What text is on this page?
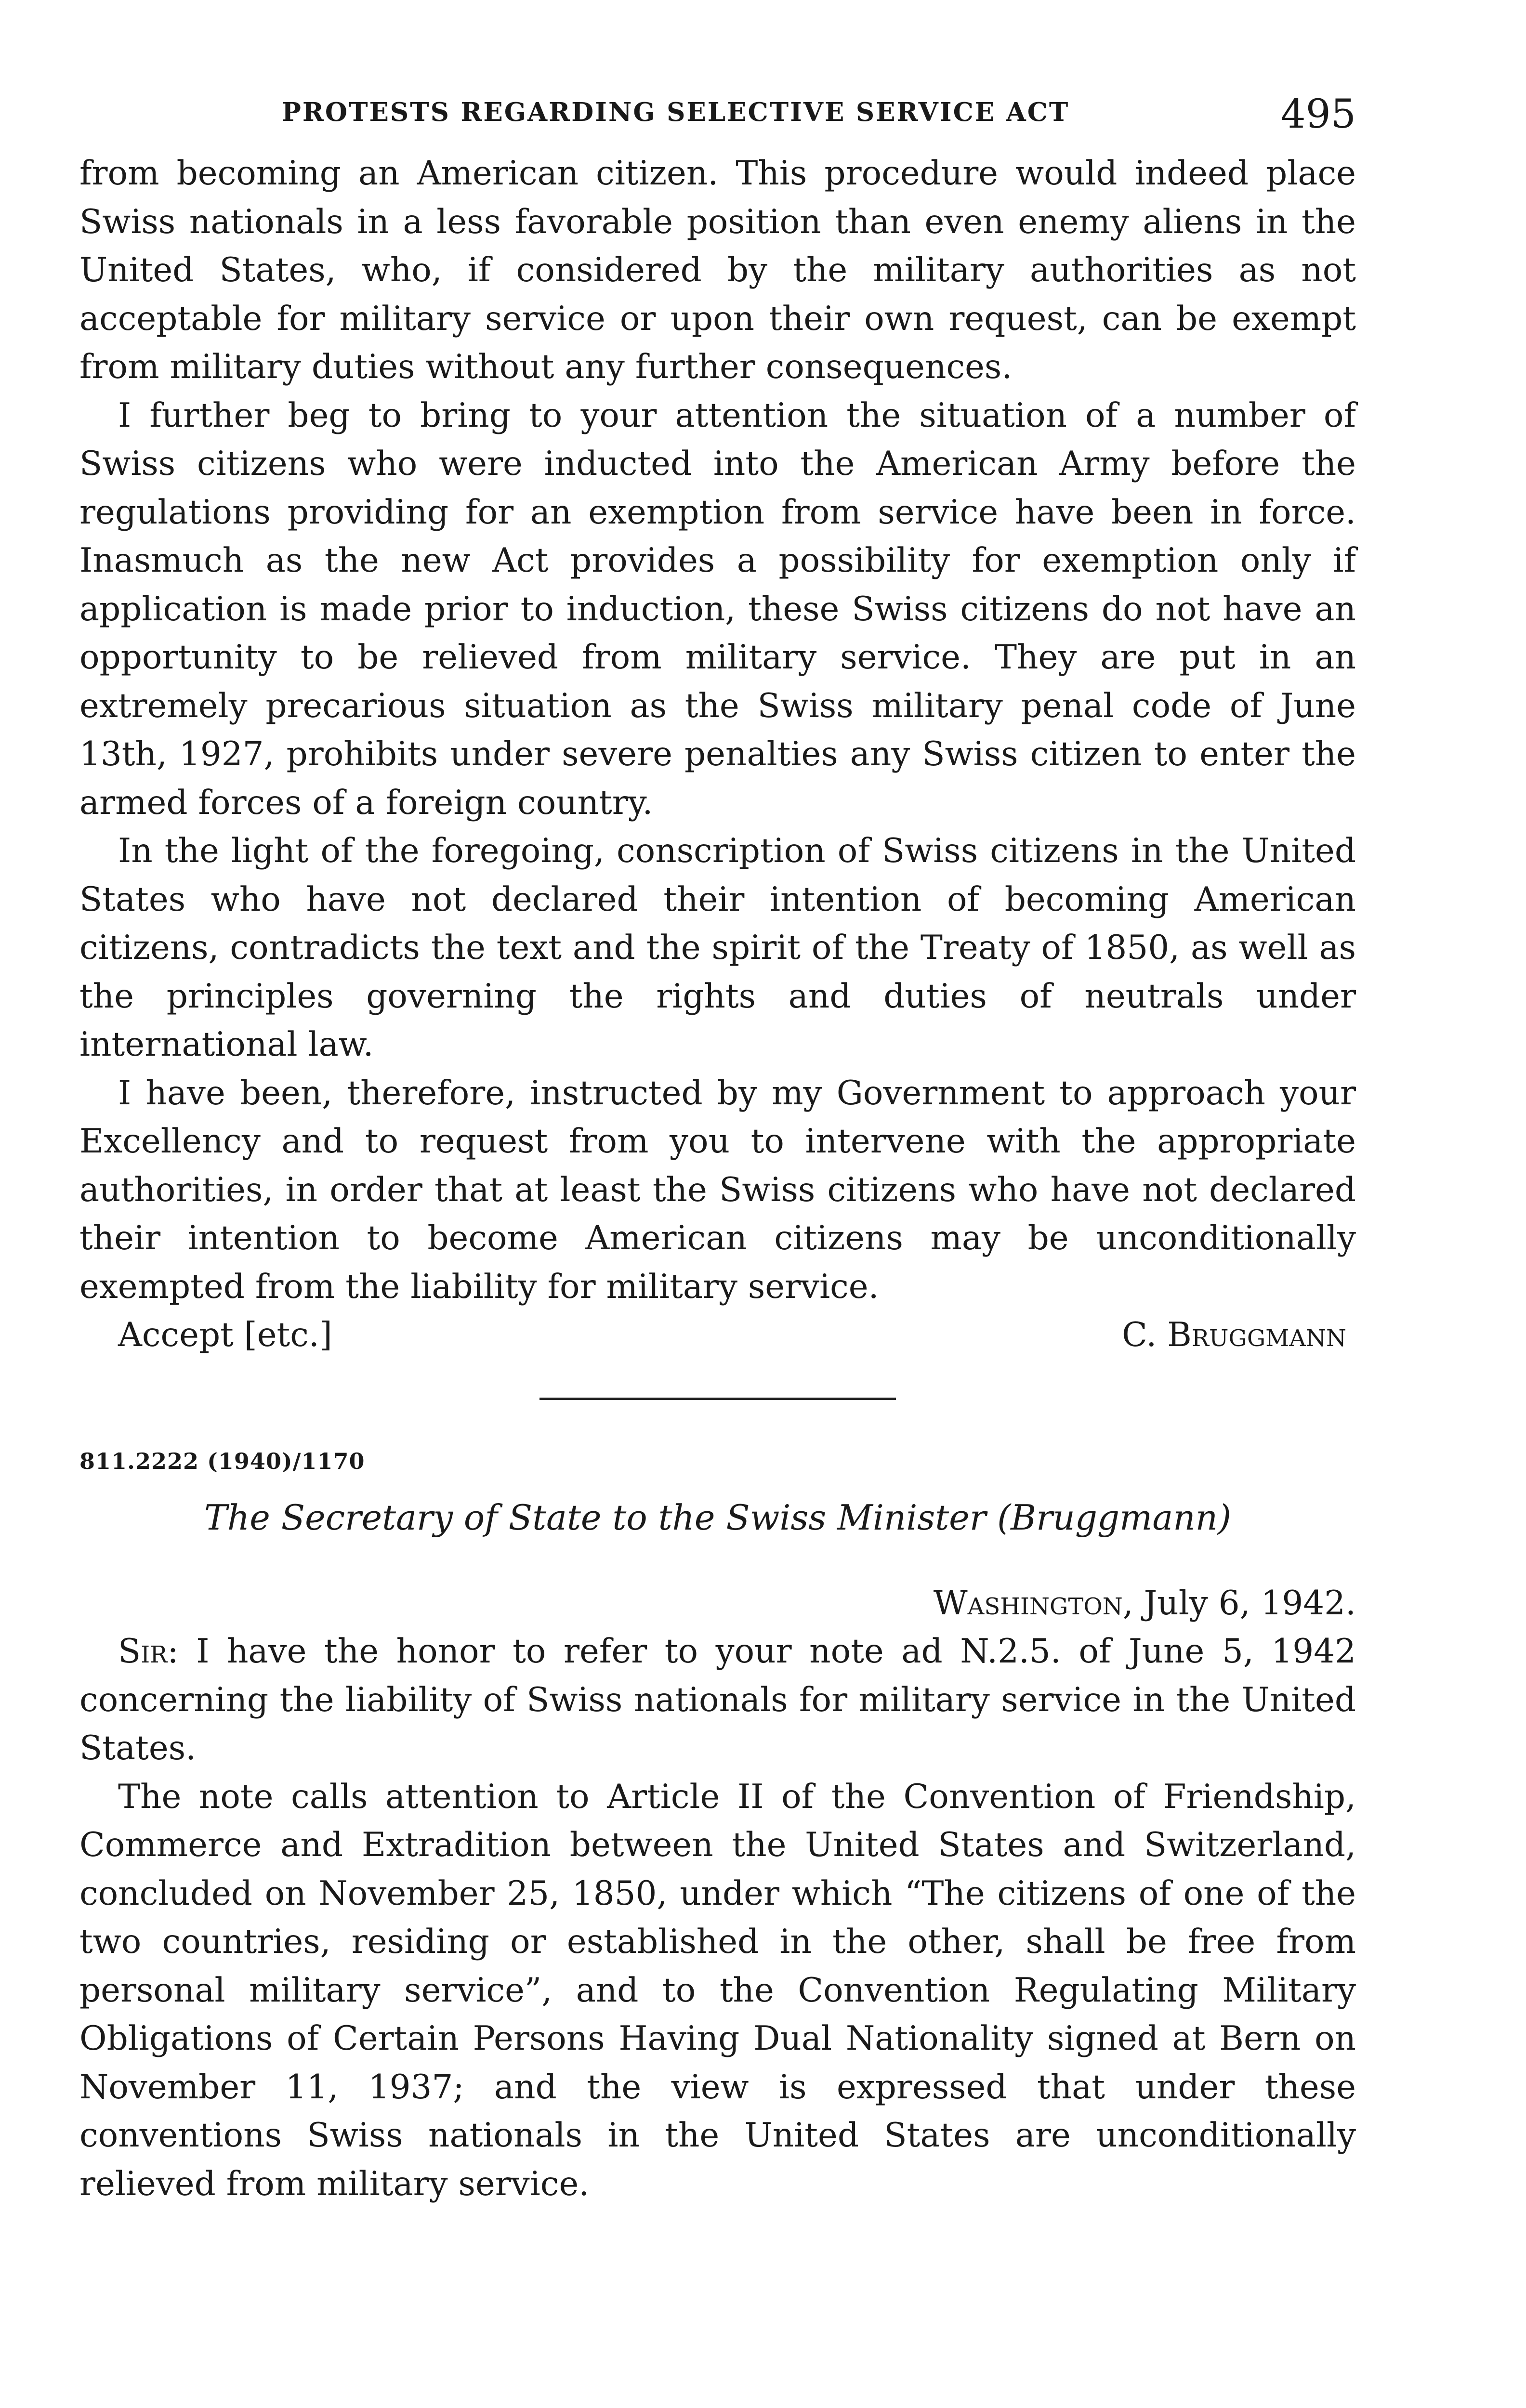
PROTESTS REGARDING SELECTIVE SERVICE ACT	495

from becoming an American citizen. This procedure would indeed place Swiss nationals in a less favorable position than even enemy aliens in the United States, who, if considered by the military authorities as not acceptable for military service or upon their own request, can be exempt from military duties without any further consequences.

I further beg to bring to your attention the situation of a number of Swiss citizens who were inducted into the American Army before the regulations providing for an exemption from service have been in force. Inasmuch as the new Act provides a possibility for exemption only if application is made prior to induction, these Swiss citizens do not have an opportunity to be relieved from military service. They are put in an extremely precarious situation as the Swiss military penal code of June 13th, 1927, prohibits under severe penalties any Swiss citizen to enter the armed forces of a foreign country.

In the light of the foregoing, conscription of Swiss citizens in the United States who have not declared their intention of becoming American citizens, contradicts the text and the spirit of the Treaty of 1850, as well as the principles governing the rights and duties of neutrals under international law.

I have been, therefore, instructed by my Government to approach your Excellency and to request from you to intervene with the appropriate authorities, in order that at least the Swiss citizens who have not declared their intention to become American citizens may be unconditionally exempted from the liability for military service.

Accept [etc.]	C. Bruggmann
811.2222 (1940)/1170
The Secretary of State to the Swiss Minister (Bruggmann)
Washington, July 6, 1942.

Sir: I have the honor to refer to your note ad N.2.5. of June 5, 1942 concerning the liability of Swiss nationals for military service in the United States.

The note calls attention to Article II of the Convention of Friendship, Commerce and Extradition between the United States and Switzerland, concluded on November 25, 1850, under which “The citizens of one of the two countries, residing or established in the other, shall be free from personal military service”, and to the Convention Regulating Military Obligations of Certain Persons Having Dual Nationality signed at Bern on November 11, 1937; and the view is expressed that under these conventions Swiss nationals in the United States are unconditionally relieved from military service.
